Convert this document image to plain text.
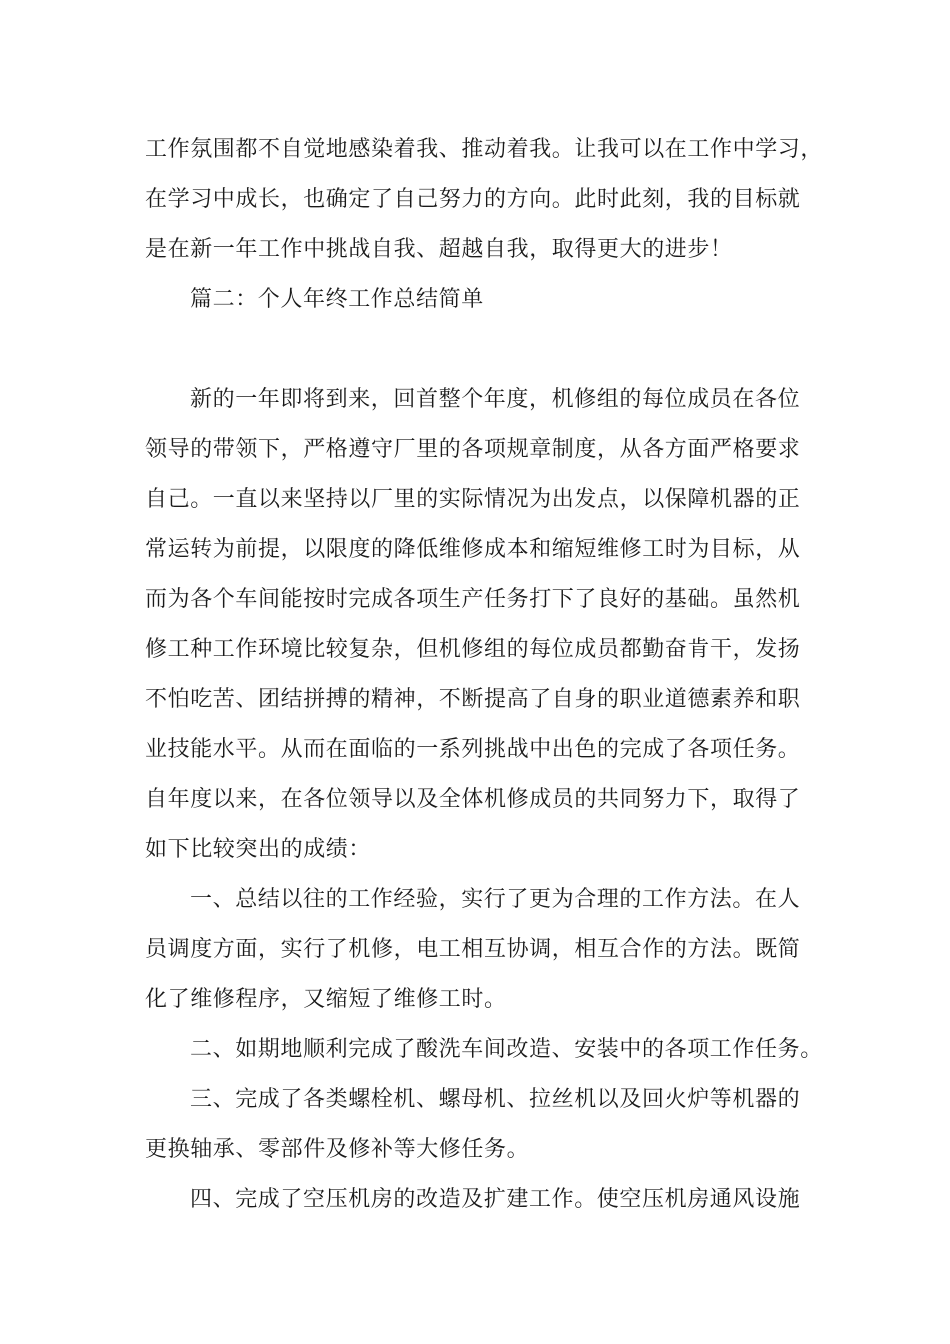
工作氛围都不自觉地感染着我、推动着我。让我可以在工作中学习，
在学习中成长，也确定了自己努力的方向。此时此刻，我的目标就
是在新一年工作中挑战自我、超越自我，取得更大的进步！
篇二：个人年终工作总结简单
新的一年即将到来，回首整个年度，机修组的每位成员在各位
领导的带领下，严格遵守厂里的各项规章制度，从各方面严格要求
自己。一直以来坚持以厂里的实际情况为出发点，以保障机器的正
常运转为前提，以限度的降低维修成本和缩短维修工时为目标，从
而为各个车间能按时完成各项生产任务打下了良好的基础。虽然机
修工种工作环境比较复杂，但机修组的每位成员都勤奋肯干，发扬
不怕吃苦、团结拼搏的精神，不断提高了自身的职业道德素养和职
业技能水平。从而在面临的一系列挑战中出色的完成了各项任务。
自年度以来，在各位领导以及全体机修成员的共同努力下，取得了
如下比较突出的成绩：
一、总结以往的工作经验，实行了更为合理的工作方法。在人
员调度方面，实行了机修，电工相互协调，相互合作的方法。既简
化了维修程序，又缩短了维修工时。
二、如期地顺利完成了酸洗车间改造、安装中的各项工作任务。
三、完成了各类螺栓机、螺母机、拉丝机以及回火炉等机器的
更换轴承、零部件及修补等大修任务。
四、完成了空压机房的改造及扩建工作。使空压机房通风设施
